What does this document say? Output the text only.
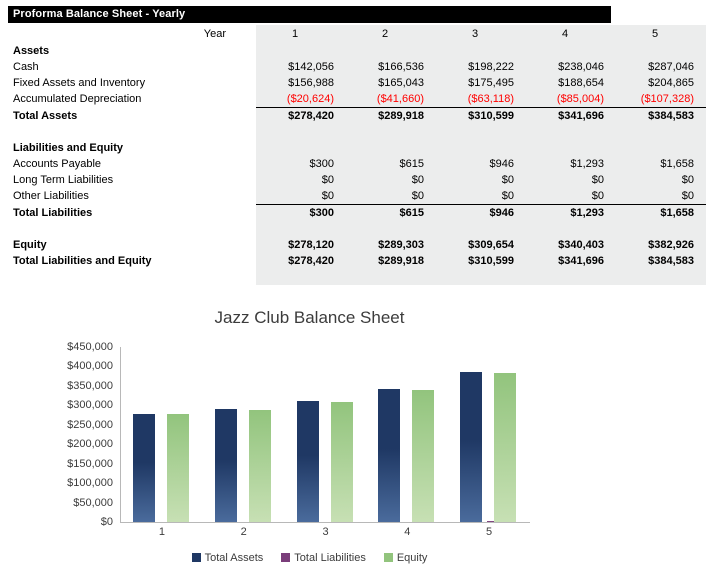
Proforma Balance Sheet - Yearly
Year	1	2	3	4	5
Assets					
Cash	$142,056	$166,536	$198,222	$238,046	$287,046
Fixed Assets and Inventory	$156,988	$165,043	$175,495	$188,654	$204,865
Accumulated Depreciation	($20,624)	($41,660)	($63,118)	($85,004)	($107,328)
Total Assets	$278,420	$289,918	$310,599	$341,696	$384,583

Liabilities and Equity					
Accounts Payable	$300	$615	$946	$1,293	$1,658
Long Term Liabilities	$0	$0	$0	$0	$0
Other Liabilities	$0	$0	$0	$0	$0
Total Liabilities	$300	$615	$946	$1,293	$1,658

Equity	$278,120	$289,303	$309,654	$340,403	$382,926
Total Liabilities and Equity	$278,420	$289,918	$310,599	$341,696	$384,583

Jazz Club Balance Sheet
$0
$50,000
$100,000
$150,000
$200,000
$250,000
$300,000
$350,000
$400,000
$450,000
1	2	3	4	5
Total Assets	Total Liabilities	Equity
